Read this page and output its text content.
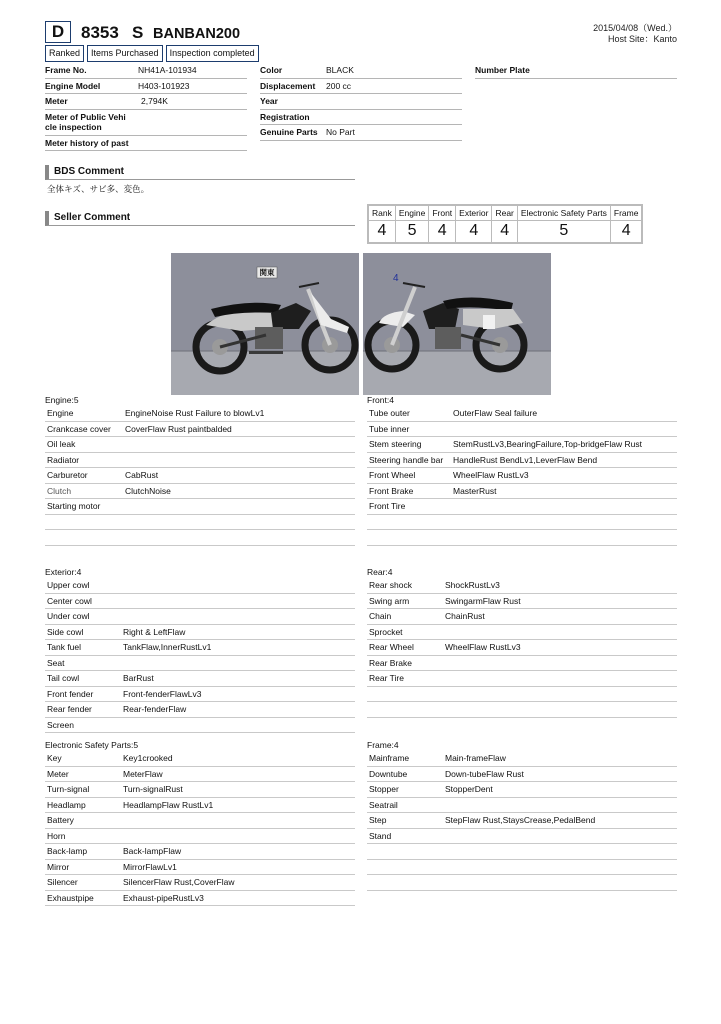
D 8353 S BANBAN200	2015/04/08（Wed.）
Host Site：Kanto
Ranked	Items Purchased	Inspection completed
Frame No.	NH41A-101934
Engine Model	H403-101923
Meter	2,794K
Meter of Public Vehi cle inspection
Meter history of past
Color	BLACK
Displacement	200 cc
Year
Registration
Genuine Parts No Part
Number Plate
BDS Comment
全体キズ、サビ多、変色。
Seller Comment	Rank	Engine	Front	Exterior	Rear	Electronic Safety Parts	Frame
4	5	4	4	4	5	4
関東
4
Engine:5
Engine	EngineNoise Rust Failure to blowLv1
Crankcase cover	CoverFlaw Rust paintbalded
Oil leak
Radiator
Carburetor	CabRust
Clutch	ClutchNoise
Starting motor
Front:4
Tube outer	OuterFlaw Seal failure
Tube inner
Stem steering	StemRustLv3,BearingFailure,Top-bridgeFlaw Rust
Steering handle bar	HandleRust BendLv1,LeverFlaw Bend
Front Wheel	WheelFlaw RustLv3
Front Brake	MasterRust
Front Tire
Exterior:4
Upper cowl
Center cowl
Under cowl
Side cowl	Right & LeftFlaw
Tank fuel	TankFlaw,InnerRustLv1
Seat
Tail cowl	BarRust
Front fender	Front-fenderFlawLv3
Rear fender	Rear-fenderFlaw
Screen
Rear:4
Rear shock	ShockRustLv3
Swing arm	SwingarmFlaw Rust
Chain	ChainRust
Sprocket
Rear Wheel	WheelFlaw RustLv3
Rear Brake
Rear Tire
Electronic Safety Parts:5
Key	Key1crooked
Meter	MeterFlaw
Turn-signal	Turn-signalRust
Headlamp	HeadlampFlaw RustLv1
Battery
Horn
Back-lamp	Back-lampFlaw
Mirror	MirrorFlawLv1
Silencer	SilencerFlaw Rust,CoverFlaw
Exhaustpipe	Exhaust-pipeRustLv3
Frame:4
Mainframe	Main-frameFlaw
Downtube	Down-tubeFlaw Rust
Stopper	StopperDent
Seatrail
Step	StepFlaw Rust,StaysCrease,PedalBend
Stand
